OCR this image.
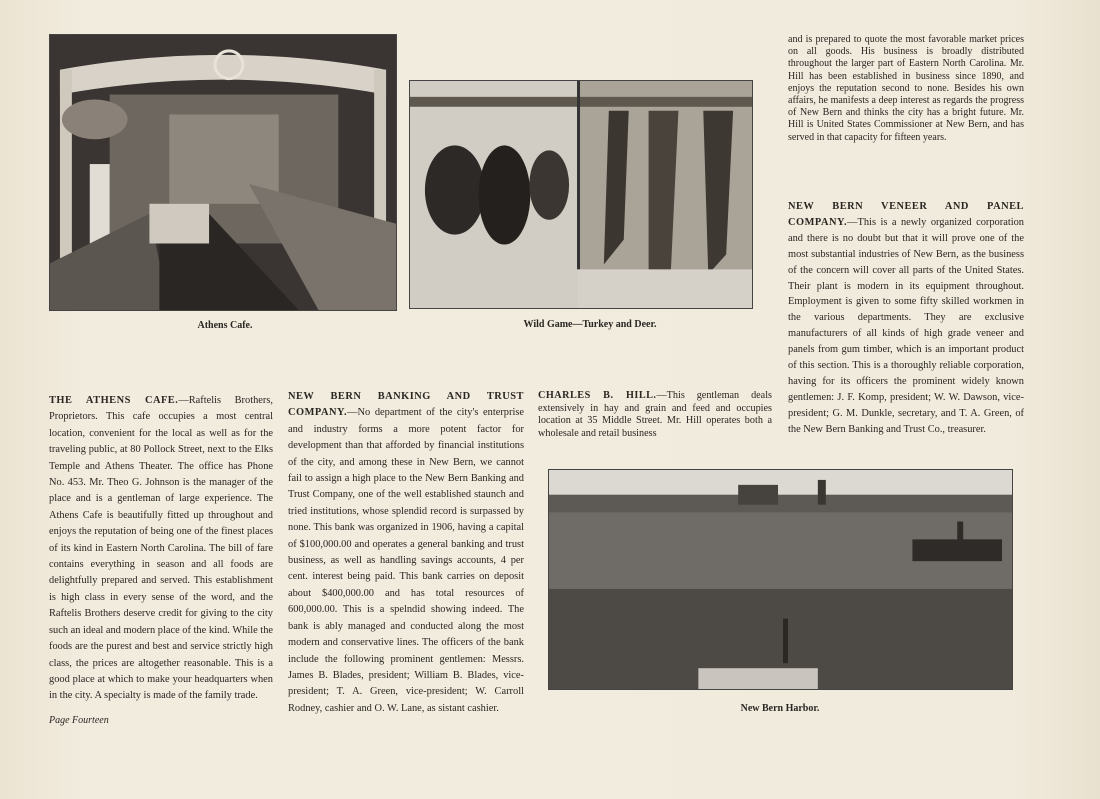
Athens Cafe.	Wild Game—Turkey and Deer.
New Bern Harbor.
THE ATHENS CAFE.—Raftelis Brothers, Proprietors. This cafe occupies a most central location, convenient for the local as well as for the traveling public, at 80 Pollock Street, next to the Elks Temple and Athens Theater. The office has Phone No. 453. Mr. Theo G. Johnson is the manager of the place and is a gentleman of large experience. The Athens Cafe is beautifully fitted up throughout and enjoys the reputation of being one of the finest places of its kind in Eastern North Carolina. The bill of fare contains everything in season and all foods are delightfully prepared and served. This establishment is high class in every sense of the word, and the Raftelis Brothers deserve credit for giving to the city such an ideal and modern place of the kind. While the foods are the purest and best and service strictly high class, the prices are altogether reasonable. This is a good place at which to make your headquarters when in the city. A specialty is made of the family trade.
NEW BERN BANKING AND TRUST COMPANY.—No department of the city's enterprise and industry forms a more potent factor for development than that afforded by financial institutions of the city, and among these in New Bern, we cannot fail to assign a high place to the New Bern Banking and Trust Company, one of the well established staunch and tried institutions, whose splendid record is surpassed by none. This bank was organized in 1906, having a capital of $100,000.00 and operates a general banking and trust business, as well as handling savings accounts, 4 per cent. interest being paid. This bank carries on deposit about $400,000.00 and has total resources of 600,000.00. This is a spelndid showing indeed. The bank is ably managed and conducted along the most modern and conservative lines. The officers of the bank include the following prominent gentlemen: Messrs. James B. Blades, president; William B. Blades, vice-president; T. A. Green, vice-president; W. Carroll Rodney, cashier and O. W. Lane, as sistant cashier.
CHARLES B. HILL.—This gentleman deals extensively in hay and grain and feed and occupies location at 35 Middle Street. Mr. Hill operates both a wholesale and retail business
and is prepared to quote the most favorable market prices on all goods. His business is broadly distributed throughout the larger part of Eastern North Carolina. Mr. Hill has been established in business since 1890, and enjoys the reputation second to none. Besides his own affairs, he manifests a deep interest as regards the progress of New Bern and thinks the city has a bright future. Mr. Hill is United States Commissioner at New Bern, and has served in that capacity for fifteen years.
NEW BERN VENEER AND PANEL COMPANY.—This is a newly organized corporation and there is no doubt but that it will prove one of the most substantial industries of New Bern, as the business of the concern will cover all parts of the United States. Their plant is modern in its equipment throughout. Employment is given to some fifty skilled workmen in the various departments. They are exclusive manufacturers of all kinds of high grade veneer and panels from gum timber, which is an important product of this section. This is a thoroughly reliable corporation, having for its officers the prominent widely known gentlemen: J. F. Komp, president; W. W. Dawson, vice-president; G. M. Dunkle, secretary, and T. A. Green, of the New Bern Banking and Trust Co., treasurer.
Page Fourteen
